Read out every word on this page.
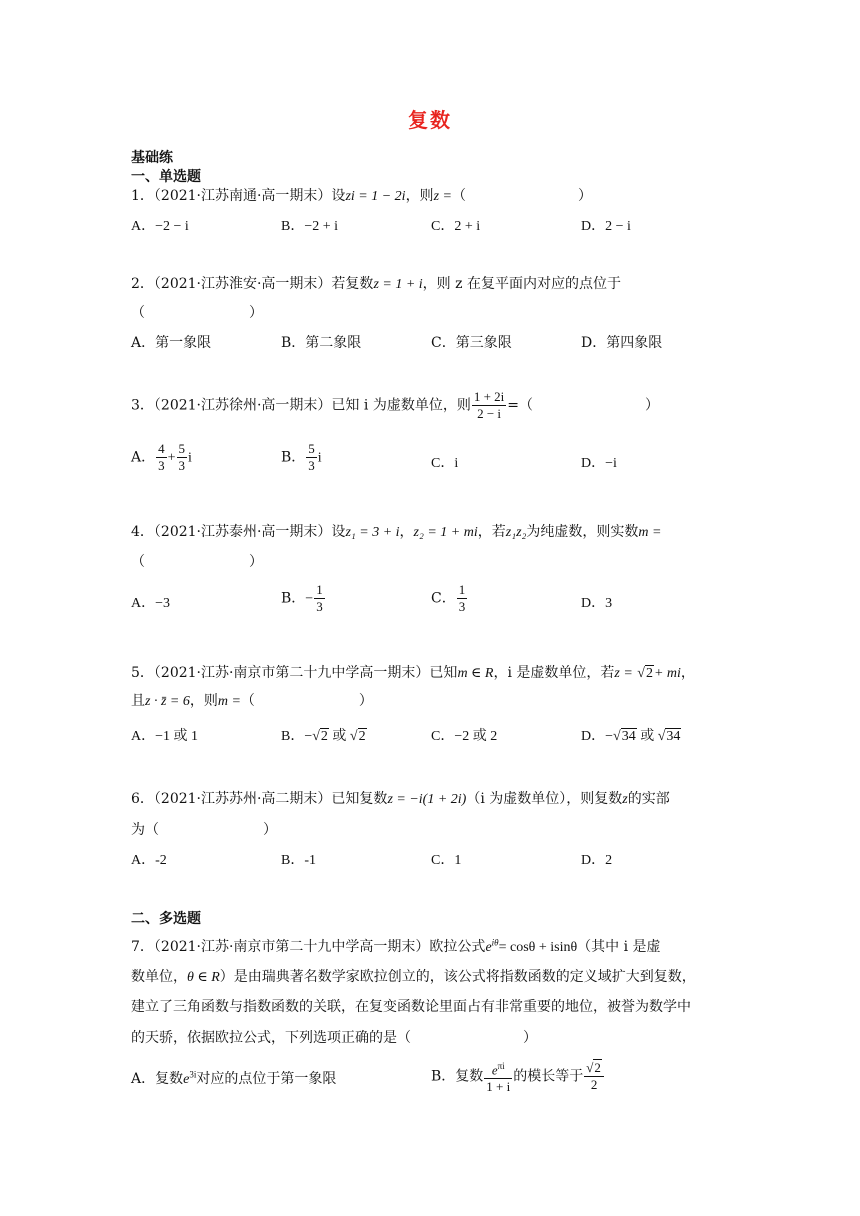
复数
基础练
一、单选题
1．（2021·江苏南通·高一期末）设zi = 1 − 2i，则z =（	）
A．−2 − i	B．−2 + i	C．2 + i	D．2 − i
2．（2021·江苏淮安·高一期末）若复数z = 1 + i，则 z 在复平面内对应的点位于
（	）
A．第一象限	B．第二象限	C．第三象限	D．第四象限
3．（2021·江苏徐州·高一期末）已知 i 为虚数单位，则 $\frac{1 + 2i}{2 - i}$ =（	）
A． $\frac{4}{3} + \frac{5}{3}$ i	B． $\frac{5}{3}$ i	C．i	D．−i
4．（2021·江苏泰州·高一期末）设z₁ = 3 + i，z₂ = 1 + mi，若z₁z₂为纯虚数，则实数m =
（	）
A．−3	B．− $\frac{1}{3}$	C． $\frac{1}{3}$	D．3
5．（2021·江苏·南京市第二十九中学高一期末）已知m ∈ R，i 是虚数单位，若z = √2+ mi，
且z · z̄ = 6，则m =（	）
A．−1 或 1	B．−√2 或 √2	C．−2 或 2	D．−√34 或 √34
6．（2021·江苏苏州·高二期末）已知复数z = −i(1 + 2i)（i 为虚数单位），则复数z的实部
为（	）
A．-2	B．-1	C．1	D．2
二、多选题
7．（2021·江苏·南京市第二十九中学高一期末）欧拉公式$e^{i\theta}= \cos\theta + isin\theta$（其中 i 是虚
数单位，θ ∈ R）是由瑞典著名数学家欧拉创立的，该公式将指数函数的定义域扩大到复数，
建立了三角函数与指数函数的关联，在复变函数论里面占有非常重要的地位，被誉为数学中
的天骄，依据欧拉公式，下列选项正确的是（	）
A．复数$e^{3i}$对应的点位于第一象限	B．复数 $\frac{e^{\pi i}}{1 + i}$ 的模长等于 $\frac{√2}{2}$
